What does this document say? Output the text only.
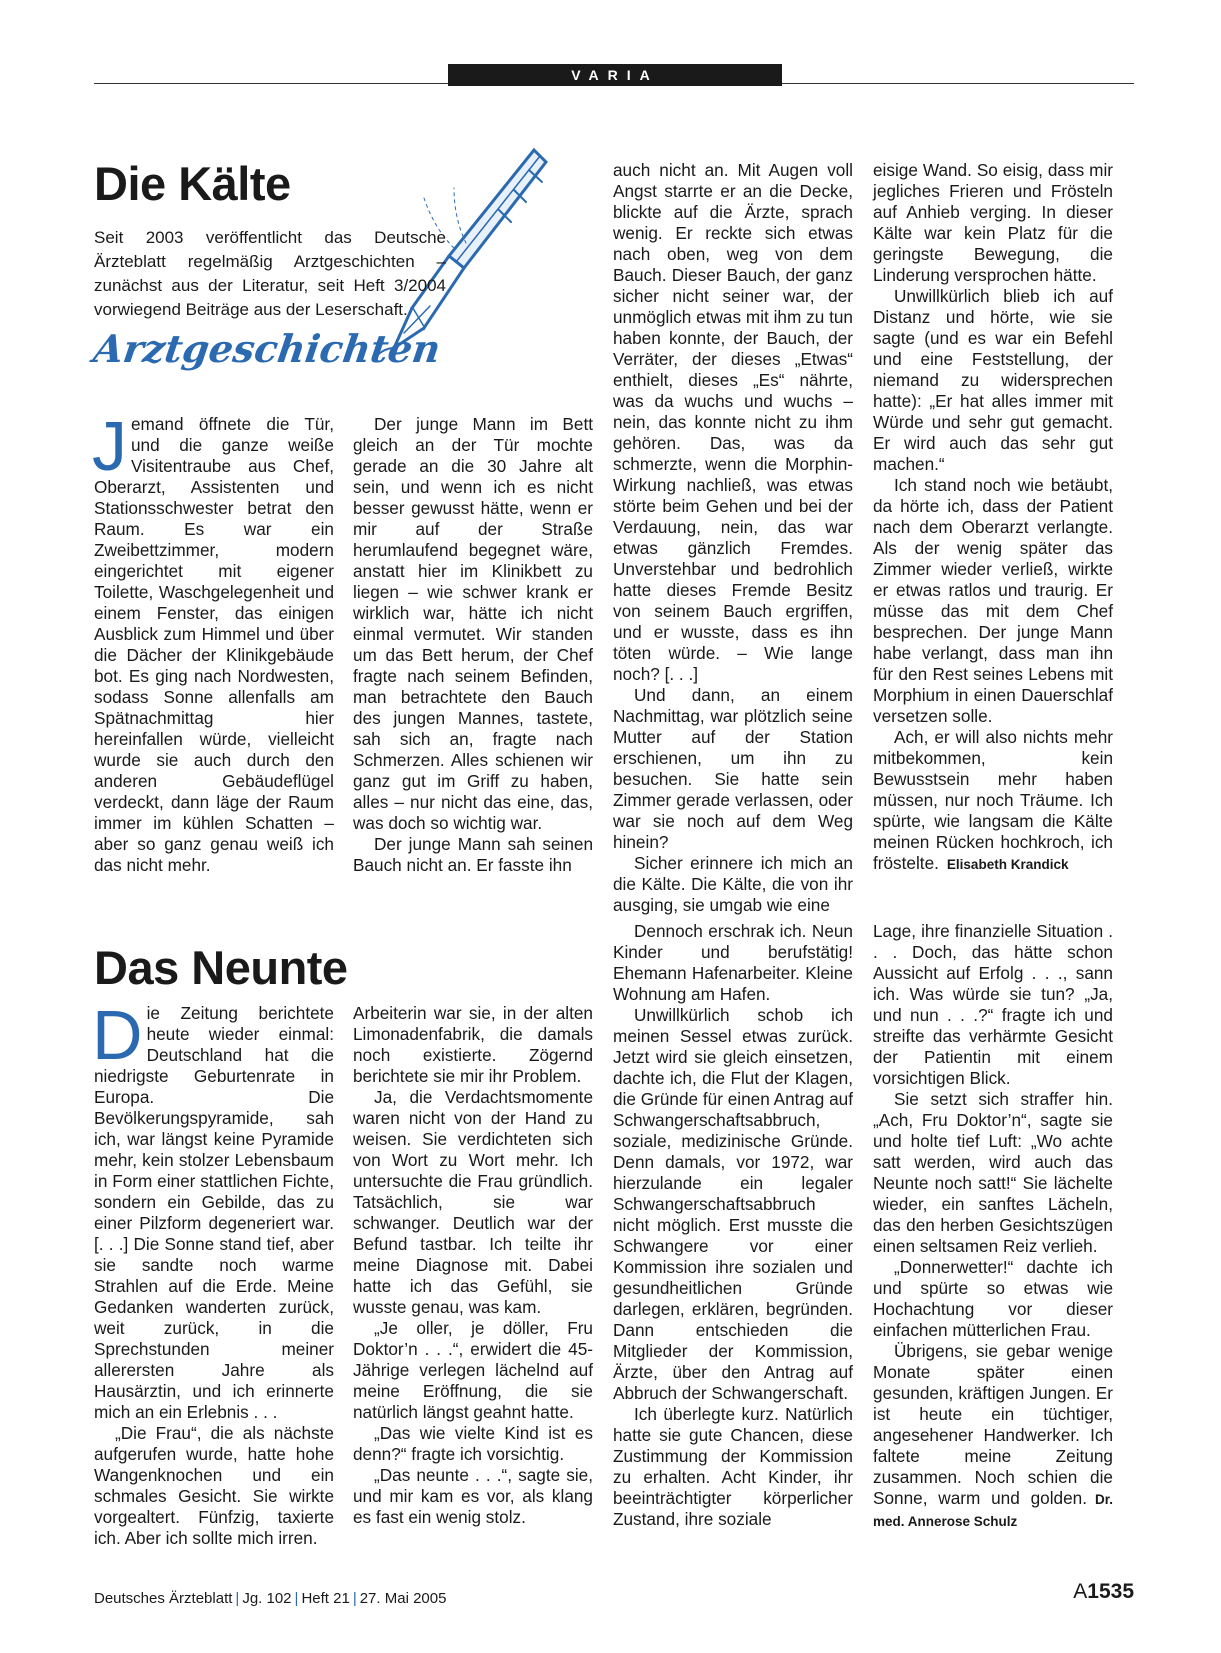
VARIA
Die Kälte
Arztgeschichten

Seit 2003 veröffentlicht das Deutsche Ärzteblatt regelmäßig Arztgeschichten – zunächst aus der Literatur, seit Heft 3/2004 vorwiegend Beiträge aus der Leserschaft.

Jemand öffnete die Tür, und die ganze weiße Visitentraube aus Chef, Oberarzt, Assistenten und Stationsschwester betrat den Raum. Es war ein Zweibettzimmer, modern eingerichtet mit eigener Toilette, Waschgelegenheit und einem Fenster, das einigen Ausblick zum Himmel und über die Dächer der Klinikgebäude bot. Es ging nach Nordwesten, sodass Sonne allenfalls am Spätnachmittag hier hereinfallen würde, vielleicht wurde sie auch durch den anderen Gebäudeflügel verdeckt, dann läge der Raum immer im kühlen Schatten – aber so ganz genau weiß ich das nicht mehr.

Der junge Mann im Bett gleich an der Tür mochte gerade an die 30 Jahre alt sein, und wenn ich es nicht besser gewusst hätte, wenn er mir auf der Straße herumlaufend begegnet wäre, anstatt hier im Klinikbett zu liegen – wie schwer krank er wirklich war, hätte ich nicht einmal vermutet. Wir standen um das Bett herum, der Chef fragte nach seinem Befinden, man betrachtete den Bauch des jungen Mannes, tastete, sah sich an, fragte nach Schmerzen. Alles schienen wir ganz gut im Griff zu haben, alles – nur nicht das eine, das, was doch so wichtig war.

Der junge Mann sah seinen Bauch nicht an. Er fasste ihn

auch nicht an. Mit Augen voll Angst starrte er an die Decke, blickte auf die Ärzte, sprach wenig. Er reckte sich etwas nach oben, weg von dem Bauch. Dieser Bauch, der ganz sicher nicht seiner war, der unmöglich etwas mit ihm zu tun haben konnte, der Bauch, der Verräter, der dieses „Etwas“ enthielt, dieses „Es“ nährte, was da wuchs und wuchs – nein, das konnte nicht zu ihm gehören. Das, was da schmerzte, wenn die Morphin-Wirkung nachließ, was etwas störte beim Gehen und bei der Verdauung, nein, das war etwas gänzlich Fremdes. Unverstehbar und bedrohlich hatte dieses Fremde Besitz von seinem Bauch ergriffen, und er wusste, dass es ihn töten würde. – Wie lange noch? [. . .]

Und dann, an einem Nachmittag, war plötzlich seine Mutter auf der Station erschienen, um ihn zu besuchen. Sie hatte sein Zimmer gerade verlassen, oder war sie noch auf dem Weg hinein?

Sicher erinnere ich mich an die Kälte. Die Kälte, die von ihr ausging, sie umgab wie eine

eisige Wand. So eisig, dass mir jegliches Frieren und Frösteln auf Anhieb verging. In dieser Kälte war kein Platz für die geringste Bewegung, die Linderung versprochen hätte.

Unwillkürlich blieb ich auf Distanz und hörte, wie sie sagte (und es war ein Befehl und eine Feststellung, der niemand zu widersprechen hatte): „Er hat alles immer mit Würde und sehr gut gemacht. Er wird auch das sehr gut machen.“

Ich stand noch wie betäubt, da hörte ich, dass der Patient nach dem Oberarzt verlangte. Als der wenig später das Zimmer wieder verließ, wirkte er etwas ratlos und traurig. Er müsse das mit dem Chef besprechen. Der junge Mann habe verlangt, dass man ihn für den Rest seines Lebens mit Morphium in einen Dauerschlaf versetzen solle.

Ach, er will also nichts mehr mitbekommen, kein Bewusstsein mehr haben müssen, nur noch Träume. Ich spürte, wie langsam die Kälte meinen Rücken hochkroch, ich fröstelte. Elisabeth Krandick

Das Neunte

Die Zeitung berichtete heute wieder einmal: Deutschland hat die niedrigste Geburtenrate in Europa. Die Bevölkerungspyramide, sah ich, war längst keine Pyramide mehr, kein stolzer Lebensbaum in Form einer stattlichen Fichte, sondern ein Gebilde, das zu einer Pilzform degeneriert war. [. . .] Die Sonne stand tief, aber sie sandte noch warme Strahlen auf die Erde. Meine Gedanken wanderten zurück, weit zurück, in die Sprechstunden meiner allerersten Jahre als Hausärztin, und ich erinnerte mich an ein Erlebnis . . .

„Die Frau“, die als nächste aufgerufen wurde, hatte hohe Wangenknochen und ein schmales Gesicht. Sie wirkte vorgealtert. Fünfzig, taxierte ich. Aber ich sollte mich irren.

Arbeiterin war sie, in der alten Limonadenfabrik, die damals noch existierte. Zögernd berichtete sie mir ihr Problem.

Ja, die Verdachtsmomente waren nicht von der Hand zu weisen. Sie verdichteten sich von Wort zu Wort mehr. Ich untersuchte die Frau gründlich. Tatsächlich, sie war schwanger. Deutlich war der Befund tastbar. Ich teilte ihr meine Diagnose mit. Dabei hatte ich das Gefühl, sie wusste genau, was kam.

„Je oller, je döller, Fru Doktor’n . . .“, erwidert die 45-Jährige verlegen lächelnd auf meine Eröffnung, die sie natürlich längst geahnt hatte.

„Das wie vielte Kind ist es denn?“ fragte ich vorsichtig.

„Das neunte . . .“, sagte sie, und mir kam es vor, als klang es fast ein wenig stolz.

Dennoch erschrak ich. Neun Kinder und berufstätig! Ehemann Hafenarbeiter. Kleine Wohnung am Hafen.

Unwillkürlich schob ich meinen Sessel etwas zurück. Jetzt wird sie gleich einsetzen, dachte ich, die Flut der Klagen, die Gründe für einen Antrag auf Schwangerschaftsabbruch, soziale, medizinische Gründe. Denn damals, vor 1972, war hierzulande ein legaler Schwangerschaftsabbruch nicht möglich. Erst musste die Schwangere vor einer Kommission ihre sozialen und gesundheitlichen Gründe darlegen, erklären, begründen. Dann entschieden die Mitglieder der Kommission, Ärzte, über den Antrag auf Abbruch der Schwangerschaft.

Ich überlegte kurz. Natürlich hatte sie gute Chancen, diese Zustimmung der Kommission zu erhalten. Acht Kinder, ihr beeinträchtigter körperlicher Zustand, ihre soziale

Lage, ihre finanzielle Situation . . . Doch, das hätte schon Aussicht auf Erfolg . . ., sann ich. Was würde sie tun? „Ja, und nun . . .?“ fragte ich und streifte das verhärmte Gesicht der Patientin mit einem vorsichtigen Blick.

Sie setzt sich straffer hin. „Ach, Fru Doktor’n“, sagte sie und holte tief Luft: „Wo achte satt werden, wird auch das Neunte noch satt!“ Sie lächelte wieder, ein sanftes Lächeln, das den herben Gesichtszügen einen seltsamen Reiz verlieh.

„Donnerwetter!“ dachte ich und spürte so etwas wie Hochachtung vor dieser einfachen mütterlichen Frau.

Übrigens, sie gebar wenige Monate später einen gesunden, kräftigen Jungen. Er ist heute ein tüchtiger, angesehener Handwerker. Ich faltete meine Zeitung zusammen. Noch schien die Sonne, warm und golden. Dr. med. Annerose Schulz

Deutsches Ärzteblatt | Jg. 102 | Heft 21 | 27. Mai 2005	A1535
